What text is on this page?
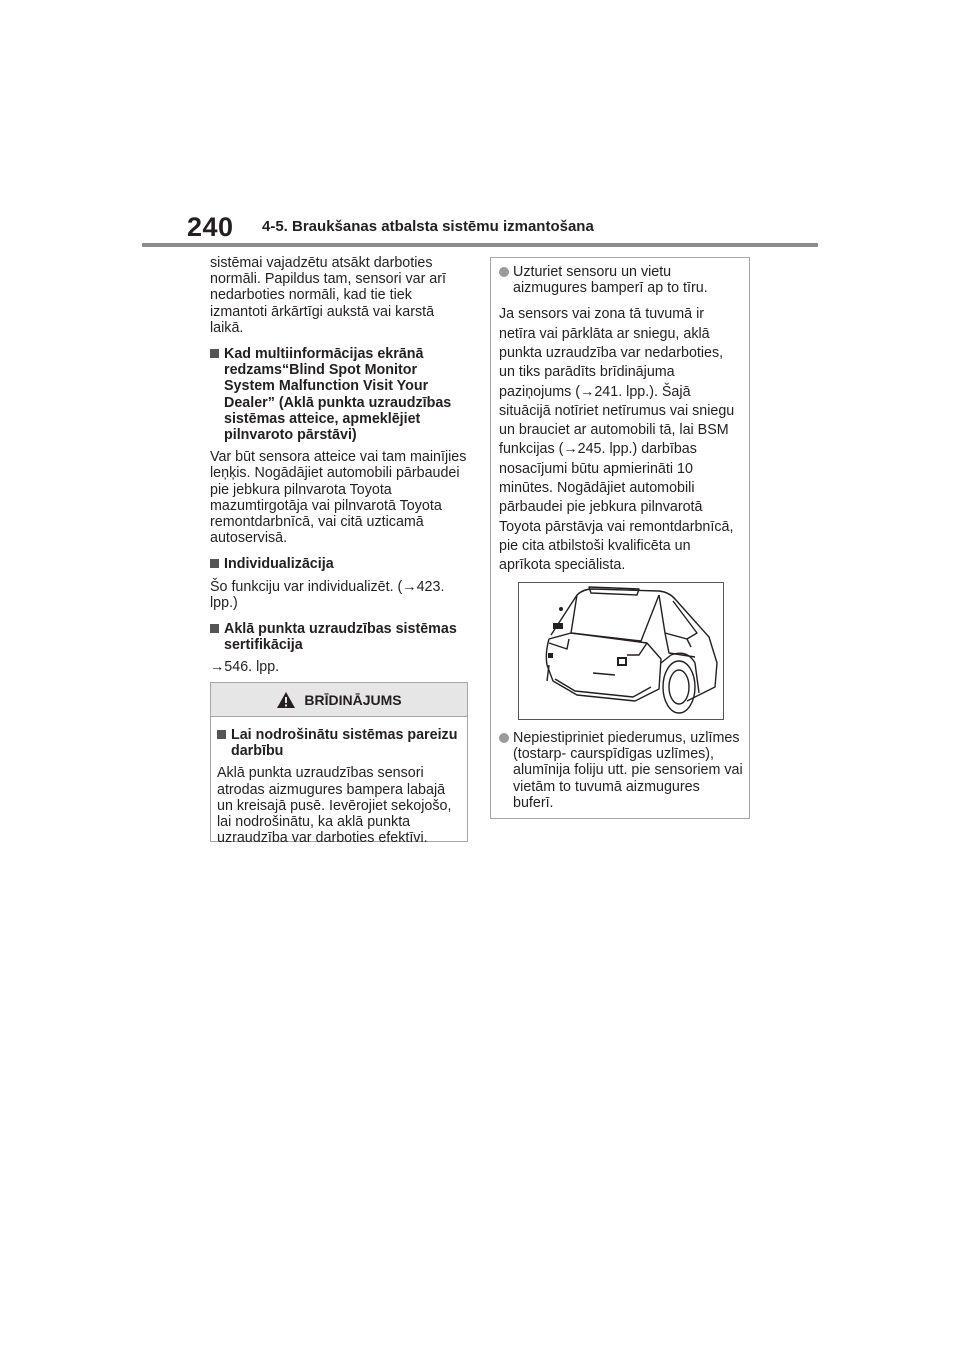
240 4-5. Braukšanas atbalsta sistēmu izmantošana

sistēmai vajadzētu atsākt darboties normāli. Papildus tam, sensori var arī nedarboties normāli, kad tie tiek izmantoti ārkārtīgi aukstā vai karstā laikā.

Kad multiinformācijas ekrānā redzams“Blind Spot Monitor System Malfunction Visit Your Dealer” (Aklā punkta uzraudzības sistēmas atteice, apmeklējiet pilnvaroto pārstāvi)

Var būt sensora atteice vai tam mainījies leņķis. Nogādājiet automobili pārbaudei pie jebkura pilnvarota Toyota mazumtirgotāja vai pilnvarotā Toyota remontdarbnīcā, vai citā uzticamā autoservisā.

Individualizācija

Šo funkciju var individualizēt. (→423. lpp.)

Aklā punkta uzraudzības sistēmas sertifikācija

→546. lpp.

BRĪDINĀJUMS
Lai nodrošinātu sistēmas pareizu darbību

Aklā punkta uzraudzības sensori atrodas aizmugures bampera labajā un kreisajā pusē. Ievērojiet sekojošo, lai nodrošinātu, ka aklā punkta uzraudzība var darboties efektīvi.

Uzturiet sensoru un vietu aizmugures bamperī ap to tīru.

Ja sensors vai zona tā tuvumā ir netīra vai pārklāta ar sniegu, aklā punkta uzraudzība var nedarboties, un tiks parādīts brīdinājuma paziņojums (→241. lpp.). Šajā situācijā notīriet netīrumus vai sniegu un brauciet ar automobili tā, lai BSM funkcijas (→245. lpp.) darbības nosacījumi būtu apmierināti 10 minūtes. Nogādājiet automobili pārbaudei pie jebkura pilnvarotā Toyota pārstāvja vai remontdarbnīcā, pie cita atbilstoši kvalificēta un aprīkota speciālista.

Nepiestipriniet piederumus, uzlīmes (tostarp- caurspīdīgas uzlīmes), alumīnija foliju utt. pie sensoriem vai vietām to tuvumā aizmugures buferī.
